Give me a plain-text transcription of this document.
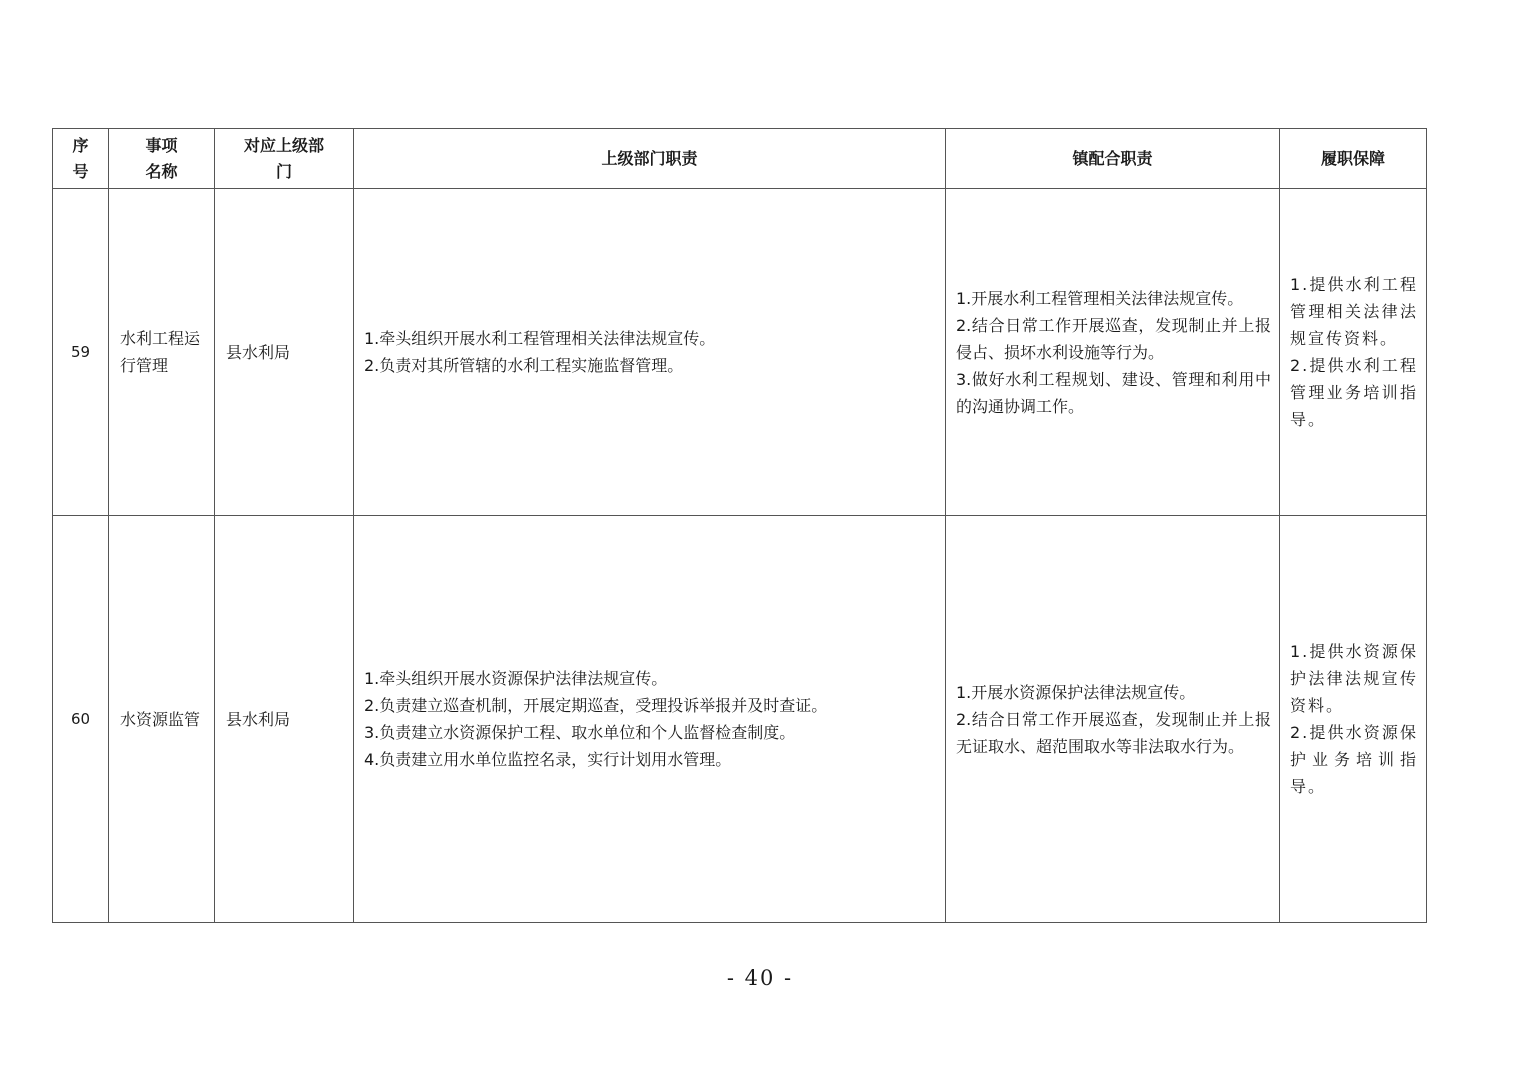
序号	事项名称	对应上级部门	上级部门职责	镇配合职责	履职保障
59	水利工程运行管理	县水利局	1.牵头组织开展水利工程管理相关法律法规宣传。
2.负责对其所管辖的水利工程实施监督管理。	1.开展水利工程管理相关法律法规宣传。
2.结合日常工作开展巡查，发现制止并上报侵占、损坏水利设施等行为。
3.做好水利工程规划、建设、管理和利用中的沟通协调工作。	1.提供水利工程管理相关法律法规宣传资料。
2.提供水利工程管理业务培训指导。

60	水资源监管	县水利局	1.牵头组织开展水资源保护法律法规宣传。
2.负责建立巡查机制，开展定期巡查，受理投诉举报并及时查证。
3.负责建立水资源保护工程、取水单位和个人监督检查制度。
4.负责建立用水单位监控名录，实行计划用水管理。	1.开展水资源保护法律法规宣传。
2.结合日常工作开展巡查，发现制止并上报无证取水、超范围取水等非法取水行为。	1.提供水资源保护法律法规宣传资料。
2.提供水资源保护业务培训指导。
- 40 -
